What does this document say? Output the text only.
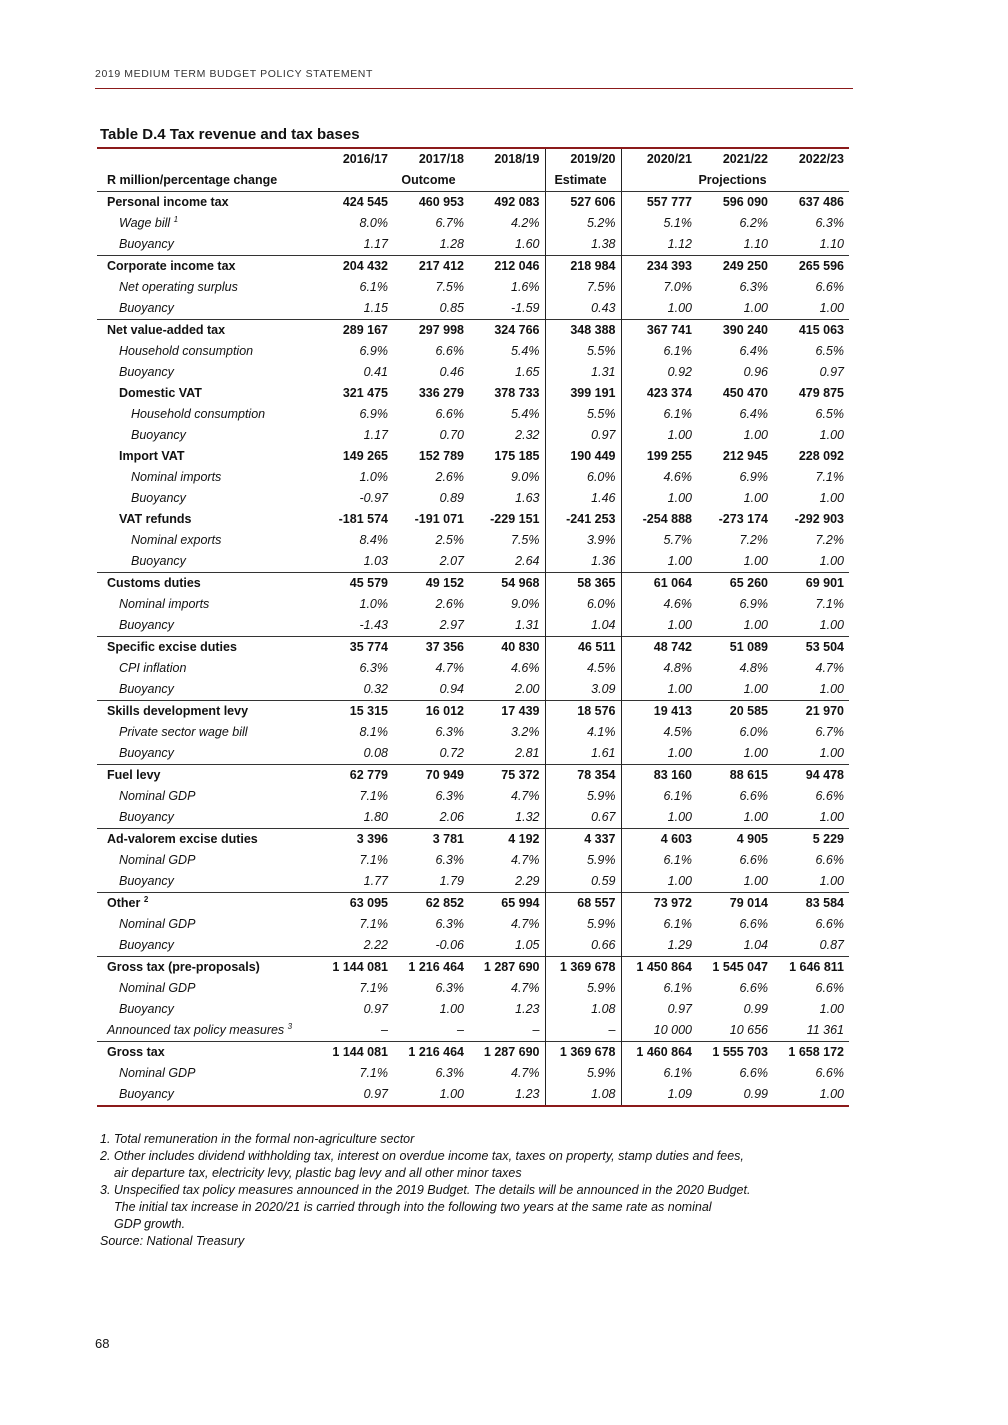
2019 MEDIUM TERM BUDGET POLICY STATEMENT
Table D.4 Tax revenue and tax bases
	2016/17	2017/18	2018/19	2019/20	2020/21	2021/22	2022/23
R million/percentage change		Outcome		Estimate		Projections	
Personal income tax	424 545	460 953	492 083	527 606	557 777	596 090	637 486
Wage bill $^1$	8.0%	6.7%	4.2%	5.2%	5.1%	6.2%	6.3%
Buoyancy	1.17	1.28	1.60	1.38	1.12	1.10	1.10
Corporate income tax	204 432	217 412	212 046	218 984	234 393	249 250	265 596
Net operating surplus	6.1%	7.5%	1.6%	7.5%	7.0%	6.3%	6.6%
Buoyancy	1.15	0.85	-1.59	0.43	1.00	1.00	1.00
Net value-added tax	289 167	297 998	324 766	348 388	367 741	390 240	415 063
Household consumption	6.9%	6.6%	5.4%	5.5%	6.1%	6.4%	6.5%
Buoyancy	0.41	0.46	1.65	1.31	0.92	0.96	0.97
Domestic VAT	321 475	336 279	378 733	399 191	423 374	450 470	479 875
Household consumption	6.9%	6.6%	5.4%	5.5%	6.1%	6.4%	6.5%
Buoyancy	1.17	0.70	2.32	0.97	1.00	1.00	1.00
Import VAT	149 265	152 789	175 185	190 449	199 255	212 945	228 092
Nominal imports	1.0%	2.6%	9.0%	6.0%	4.6%	6.9%	7.1%
Buoyancy	-0.97	0.89	1.63	1.46	1.00	1.00	1.00
VAT refunds	-181 574	-191 071	-229 151	-241 253	-254 888	-273 174	-292 903
Nominal exports	8.4%	2.5%	7.5%	3.9%	5.7%	7.2%	7.2%
Buoyancy	1.03	2.07	2.64	1.36	1.00	1.00	1.00
Customs duties	45 579	49 152	54 968	58 365	61 064	65 260	69 901
Nominal imports	1.0%	2.6%	9.0%	6.0%	4.6%	6.9%	7.1%
Buoyancy	-1.43	2.97	1.31	1.04	1.00	1.00	1.00
Specific excise duties	35 774	37 356	40 830	46 511	48 742	51 089	53 504
CPI inflation	6.3%	4.7%	4.6%	4.5%	4.8%	4.8%	4.7%
Buoyancy	0.32	0.94	2.00	3.09	1.00	1.00	1.00
Skills development levy	15 315	16 012	17 439	18 576	19 413	20 585	21 970
Private sector wage bill	8.1%	6.3%	3.2%	4.1%	4.5%	6.0%	6.7%
Buoyancy	0.08	0.72	2.81	1.61	1.00	1.00	1.00
Fuel levy	62 779	70 949	75 372	78 354	83 160	88 615	94 478
Nominal GDP	7.1%	6.3%	4.7%	5.9%	6.1%	6.6%	6.6%
Buoyancy	1.80	2.06	1.32	0.67	1.00	1.00	1.00
Ad-valorem excise duties	3 396	3 781	4 192	4 337	4 603	4 905	5 229
Nominal GDP	7.1%	6.3%	4.7%	5.9%	6.1%	6.6%	6.6%
Buoyancy	1.77	1.79	2.29	0.59	1.00	1.00	1.00
Other $^2$	63 095	62 852	65 994	68 557	73 972	79 014	83 584
Nominal GDP	7.1%	6.3%	4.7%	5.9%	6.1%	6.6%	6.6%
Buoyancy	2.22	-0.06	1.05	0.66	1.29	1.04	0.87
Gross tax (pre-proposals)	1 144 081	1 216 464	1 287 690	1 369 678	1 450 864	1 545 047	1 646 811
Nominal GDP	7.1%	6.3%	4.7%	5.9%	6.1%	6.6%	6.6%
Buoyancy	0.97	1.00	1.23	1.08	0.97	0.99	1.00
Announced tax policy measures $^3$	–	–	–	–	10 000	10 656	11 361
Gross tax	1 144 081	1 216 464	1 287 690	1 369 678	1 460 864	1 555 703	1 658 172
Nominal GDP	7.1%	6.3%	4.7%	5.9%	6.1%	6.6%	6.6%
Buoyancy	0.97	1.00	1.23	1.08	1.09	0.99	1.00
1. Total remuneration in the formal non-agriculture sector
2. Other includes dividend withholding tax, interest on overdue income tax, taxes on property, stamp duties and fees,
air departure tax, electricity levy, plastic bag levy and all other minor taxes
3. Unspecified tax policy measures announced in the 2019 Budget. The details will be announced in the 2020 Budget.
The initial tax increase in 2020/21 is carried through into the following two years at the same rate as nominal
GDP growth.
Source: National Treasury
68
